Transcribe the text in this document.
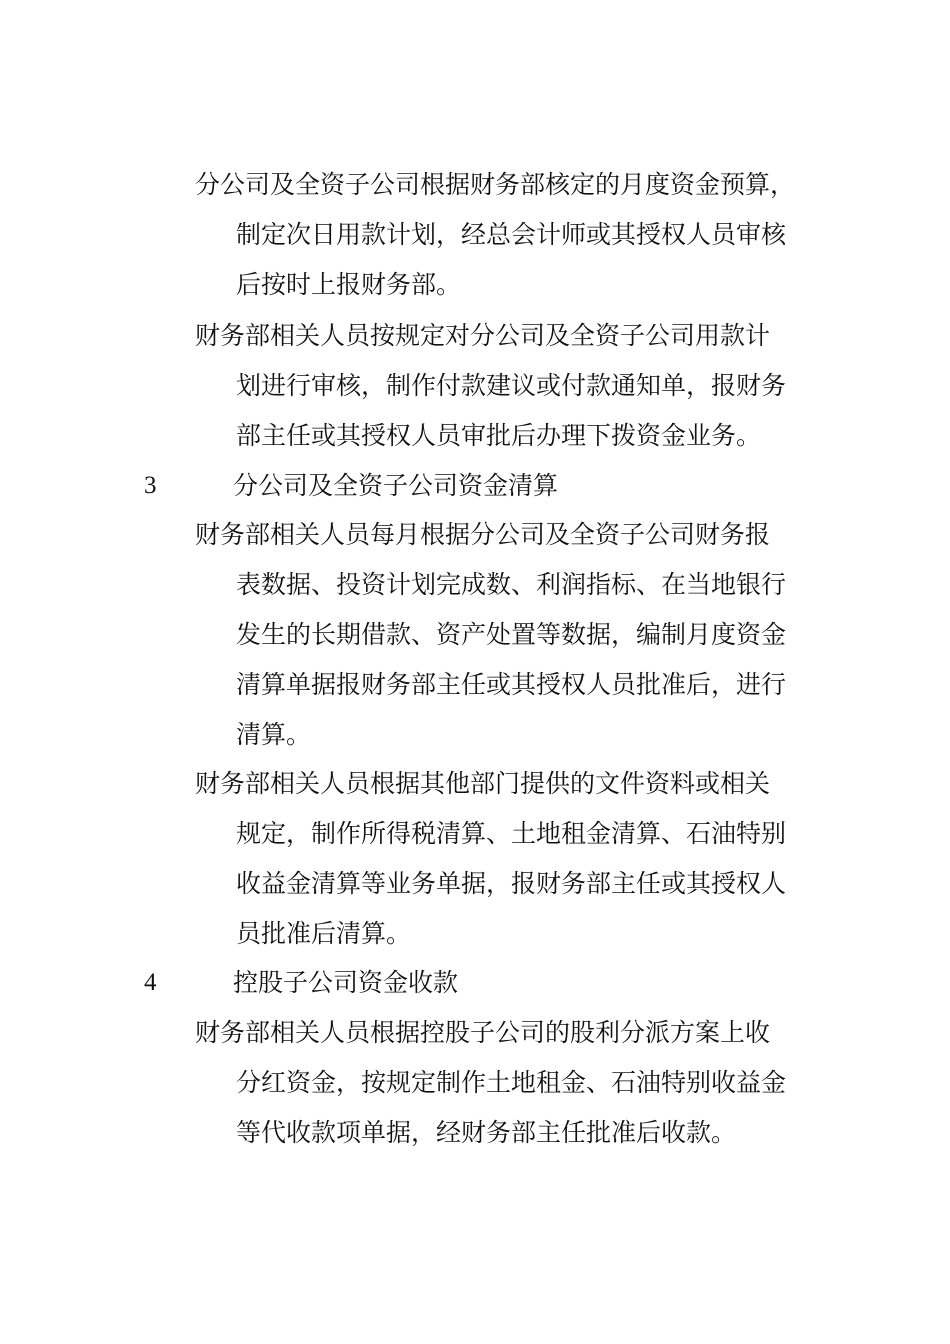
分公司及全资子公司根据财务部核定的月度资金预算，
制定次日用款计划，经总会计师或其授权人员审核
后按时上报财务部。
财务部相关人员按规定对分公司及全资子公司用款计
划进行审核，制作付款建议或付款通知单，报财务
部主任或其授权人员审批后办理下拨资金业务。
3	分公司及全资子公司资金清算
财务部相关人员每月根据分公司及全资子公司财务报
表数据、投资计划完成数、利润指标、在当地银行
发生的长期借款、资产处置等数据，编制月度资金
清算单据报财务部主任或其授权人员批准后，进行
清算。
财务部相关人员根据其他部门提供的文件资料或相关
规定，制作所得税清算、土地租金清算、石油特别
收益金清算等业务单据，报财务部主任或其授权人
员批准后清算。
4	控股子公司资金收款
财务部相关人员根据控股子公司的股利分派方案上收
分红资金，按规定制作土地租金、石油特别收益金
等代收款项单据，经财务部主任批准后收款。
